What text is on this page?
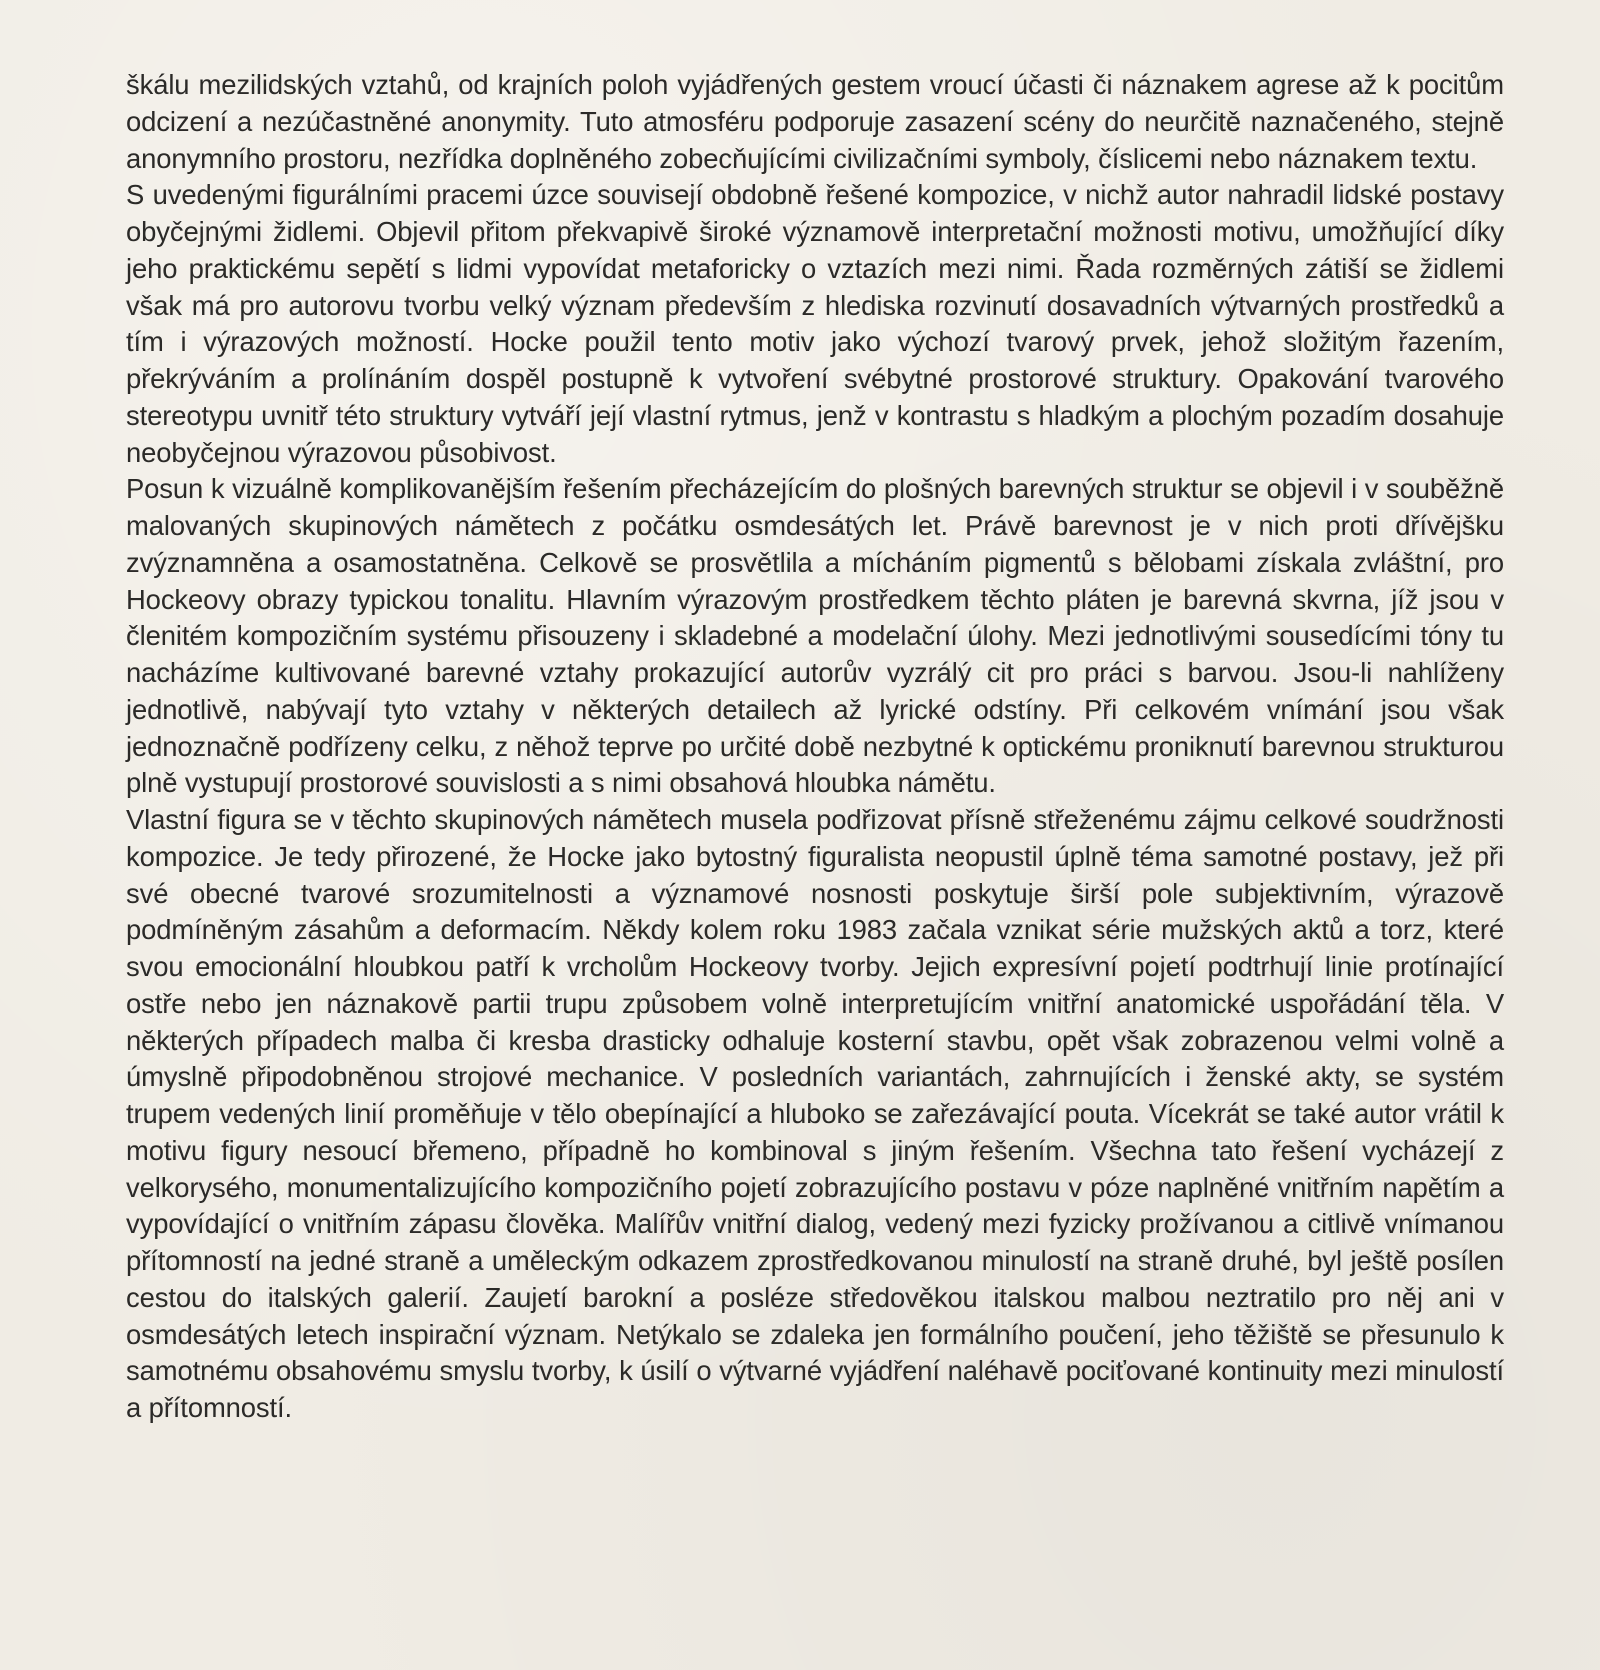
škálu mezilidských vztahů, od krajních poloh vyjádřených gestem vroucí účasti či náznakem agrese až k pocitům odcizení a nezúčastněné anonymity. Tuto atmosféru podporuje zasazení scény do neurčitě naznačeného, stejně anonymního prostoru, nezřídka doplněného zobecňujícími civilizačními symboly, číslicemi nebo náznakem textu.

S uvedenými figurálními pracemi úzce souvisejí obdobně řešené kompozice, v nichž autor nahradil lidské postavy obyčejnými židlemi. Objevil přitom překvapivě široké významově interpretační možnosti motivu, umožňující díky jeho praktickému sepětí s lidmi vypovídat metaforicky o vztazích mezi nimi. Řada rozměrných zátiší se židlemi však má pro autorovu tvorbu velký význam především z hlediska rozvinutí dosavadních výtvarných prostředků a tím i výrazových možností. Hocke použil tento motiv jako výchozí tvarový prvek, jehož složitým řazením, překrýváním a prolínáním dospěl postupně k vytvoření svébytné prostorové struktury. Opakování tvarového stereotypu uvnitř této struktury vytváří její vlastní rytmus, jenž v kontrastu s hladkým a plochým pozadím dosahuje neobyčejnou výrazovou působivost.

Posun k vizuálně komplikovanějším řešením přecházejícím do plošných barevných struktur se objevil i v souběžně malovaných skupinových námětech z počátku osmdesátých let. Právě barevnost je v nich proti dřívějšku zvýznamněna a osamostatněna. Celkově se prosvětlila a mícháním pigmentů s bělobami získala zvláštní, pro Hockeovy obrazy typickou tonalitu. Hlavním výrazovým prostředkem těchto pláten je barevná skvrna, jíž jsou v členitém kompozičním systému přisouzeny i skladebné a modelační úlohy. Mezi jednotlivými sousedícími tóny tu nacházíme kultivované barevné vztahy prokazující autorův vyzrálý cit pro práci s barvou. Jsou-li nahlíženy jednotlivě, nabývají tyto vztahy v některých detailech až lyrické odstíny. Při celkovém vnímání jsou však jednoznačně podřízeny celku, z něhož teprve po určité době nezbytné k optickému proniknutí barevnou strukturou plně vystupují prostorové souvislosti a s nimi obsahová hloubka námětu.

Vlastní figura se v těchto skupinových námětech musela podřizovat přísně střeženému zájmu celkové soudržnosti kompozice. Je tedy přirozené, že Hocke jako bytostný figuralista neopustil úplně téma samotné postavy, jež při své obecné tvarové srozumitelnosti a významové nosnosti poskytuje širší pole subjektivním, výrazově podmíněným zásahům a deformacím. Někdy kolem roku 1983 začala vznikat série mužských aktů a torz, které svou emocionální hloubkou patří k vrcholům Hockeovy tvorby. Jejich expresívní pojetí podtrhují linie protínající ostře nebo jen náznakově partii trupu způsobem volně interpretujícím vnitřní anatomické uspořádání těla. V některých případech malba či kresba drasticky odhaluje kosterní stavbu, opět však zobrazenou velmi volně a úmyslně připodobněnou strojové mechanice. V posledních variantách, zahrnujících i ženské akty, se systém trupem vedených linií proměňuje v tělo obepínající a hluboko se zařezávající pouta. Vícekrát se také autor vrátil k motivu figury nesoucí břemeno, případně ho kombinoval s jiným řešením. Všechna tato řešení vycházejí z velkorysého, monumentalizujícího kompozičního pojetí zobrazujícího postavu v póze naplněné vnitřním napětím a vypovídající o vnitřním zápasu člověka. Malířův vnitřní dialog, vedený mezi fyzicky prožívanou a citlivě vnímanou přítomností na jedné straně a uměleckým odkazem zprostředkovanou minulostí na straně druhé, byl ještě posílen cestou do italských galerií. Zaujetí barokní a posléze středověkou italskou malbou neztratilo pro něj ani v osmdesátých letech inspirační význam. Netýkalo se zdaleka jen formálního poučení, jeho těžiště se přesunulo k samotnému obsahovému smyslu tvorby, k úsilí o výtvarné vyjádření naléhavě pociťované kontinuity mezi minulostí a přítomností.
